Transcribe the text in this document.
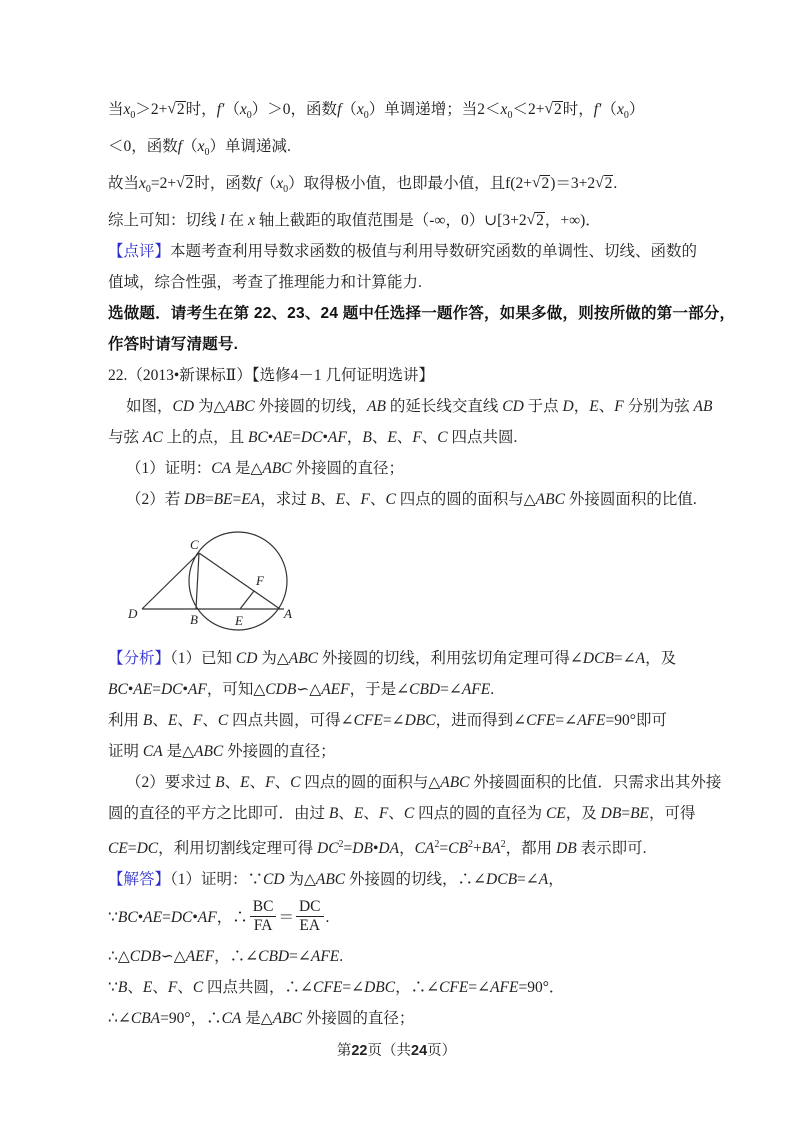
当$x_0>2+√2$时，$f'(x_0)>0$，函数$f(x_0)$单调递增；当$2<x_0<2+√2$时，$f'(x_0)$
＜0，函数$f(x_0)$单调递减.
故当$x_0=2+√2$时，函数$f(x_0)$取得极小值，也即最小值，且f(2+√2)＝3+2√2.
综上可知：切线 l 在 x 轴上截距的取值范围是（-∞，0）∪[3+2√2，+∞)．
【点评】本题考查利用导数求函数的极值与利用导数研究函数的单调性、切线、函数的
值域，综合性强，考查了推理能力和计算能力.
选做题．请考生在第 22、23、24 题中任选择一题作答，如果多做，则按所做的第一部分，
作答时请写清题号.
22.（2013•新课标Ⅱ）【选修4－1 几何证明选讲】
如图，CD 为△ABC 外接圆的切线，AB 的延长线交直线 CD 于点 D，E、F 分别为弦 AB
与弦 AC 上的点，且 BC•AE=DC•AF，B、E、F、C 四点共圆.
（1）证明：CA 是△ABC 外接圆的直径；
（2）若 DB=BE=EA，求过 B、E、F、C 四点的圆的面积与△ABC 外接圆面积的比值.
C
D	B	E	A
F
【分析】（1）已知 CD 为△ABC 外接圆的切线，利用弦切角定理可得∠DCB=∠A，及
BC•AE=DC•AF，可知△CDB∽△AEF，于是∠CBD=∠AFE.
利用 B、E、F、C 四点共圆，可得∠CFE=∠DBC，进而得到∠CFE=∠AFE=90°即可
证明 CA 是△ABC 外接圆的直径；
（2）要求过 B、E、F、C 四点的圆的面积与△ABC 外接圆面积的比值．只需求出其外接
圆的直径的平方之比即可．由过 B、E、F、C 四点的圆的直径为 CE，及 DB=BE，可得
CE=DC，利用切割线定理可得 $DC^2=DB•DA$，$CA^2=CB^2+BA^2$，都用 DB 表示即可.
【解答】（1）证明：∵CD 为△ABC 外接圆的切线，∴∠DCB=∠A，
∵BC•AE=DC•AF，∴ $\frac{BC}{FA} = \frac{DC}{EA}$ .
∴△CDB∽△AEF，∴∠CBD=∠AFE.
∵B、E、F、C 四点共圆，∴∠CFE=∠DBC，∴∠CFE=∠AFE=90°．
∴∠CBA=90°，∴CA 是△ABC 外接圆的直径；
第22页（共24页）
